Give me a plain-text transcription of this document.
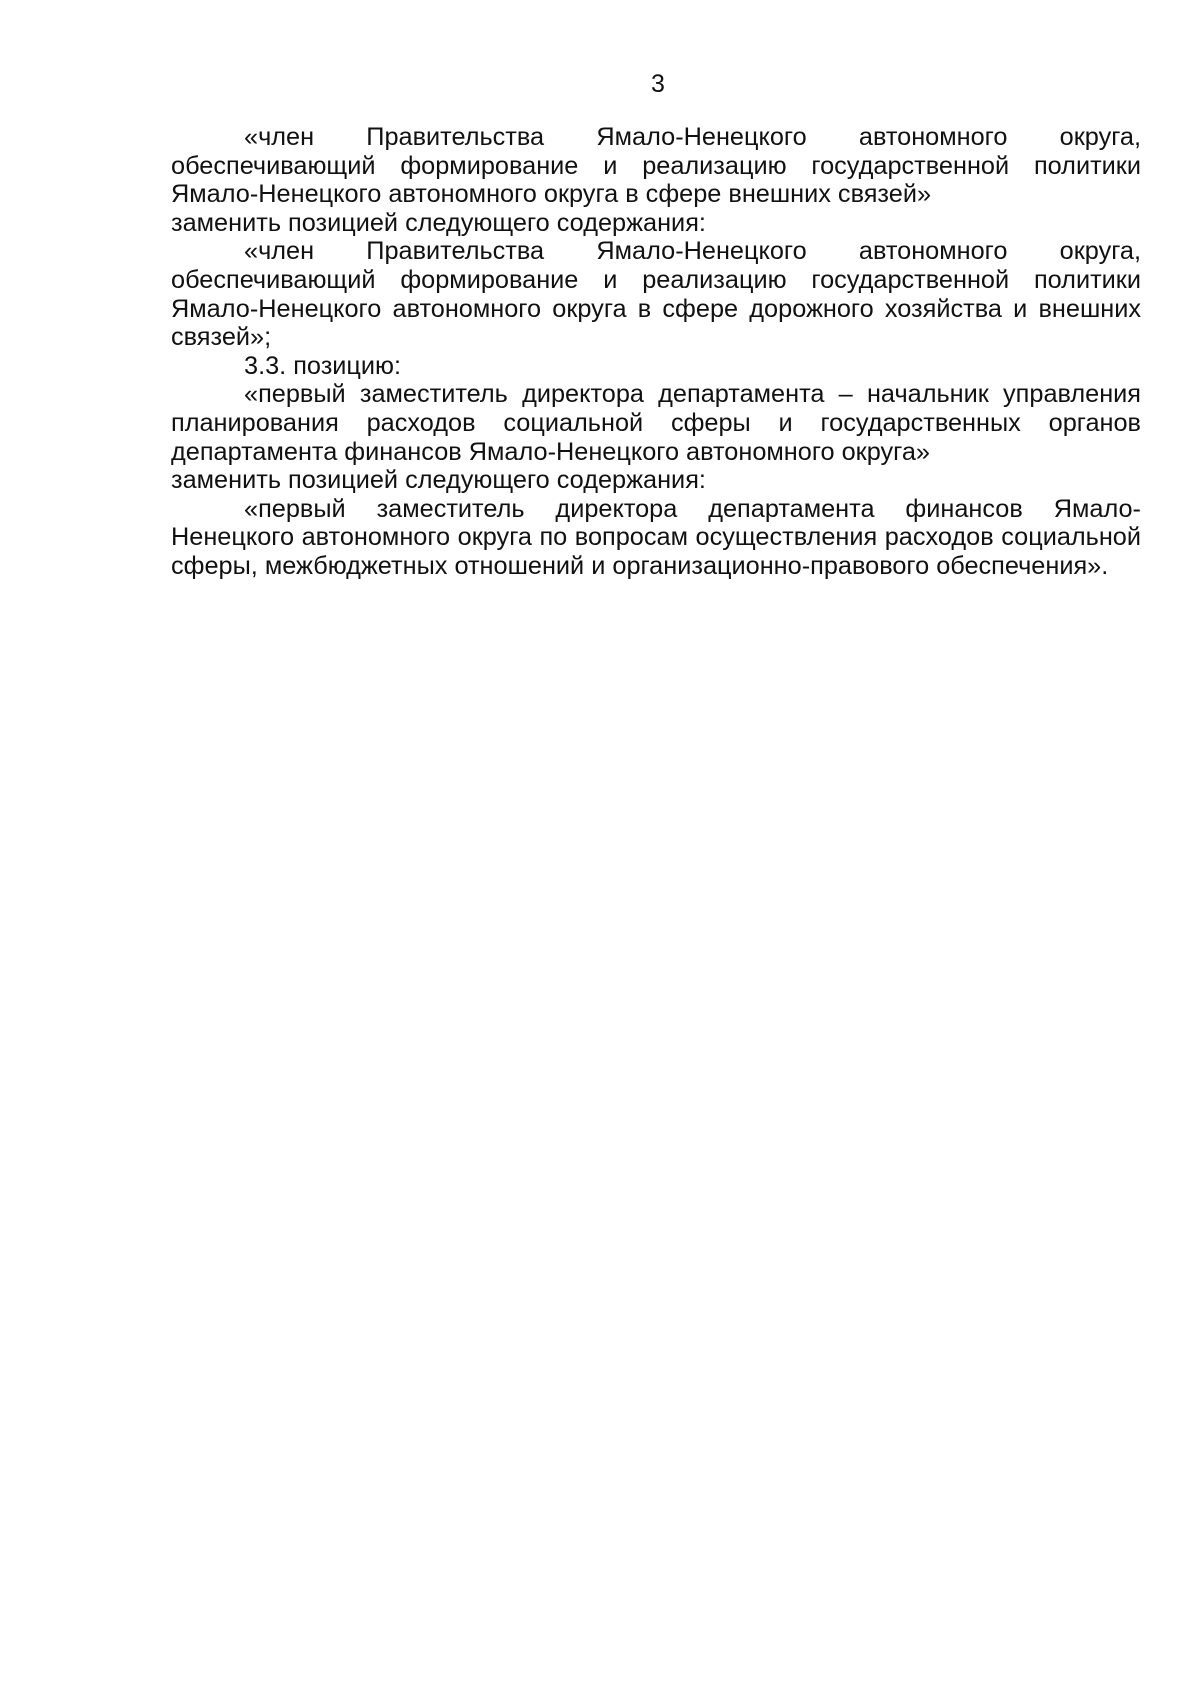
3

«член Правительства Ямало-Ненецкого автономного округа, обеспечивающий формирование и реализацию государственной политики Ямало-Ненецкого автономного округа в сфере внешних связей»

заменить позицией следующего содержания:

«член Правительства Ямало-Ненецкого автономного округа, обеспечивающий формирование и реализацию государственной политики Ямало-Ненецкого автономного округа в сфере дорожного хозяйства и внешних связей»;

3.3. позицию:

«первый заместитель директора департамента – начальник управления планирования расходов социальной сферы и государственных органов департамента финансов Ямало-Ненецкого автономного округа»

заменить позицией следующего содержания:

«первый заместитель директора департамента финансов Ямало-Ненецкого автономного округа по вопросам осуществления расходов социальной сферы, межбюджетных отношений и организационно-правового обеспечения».
